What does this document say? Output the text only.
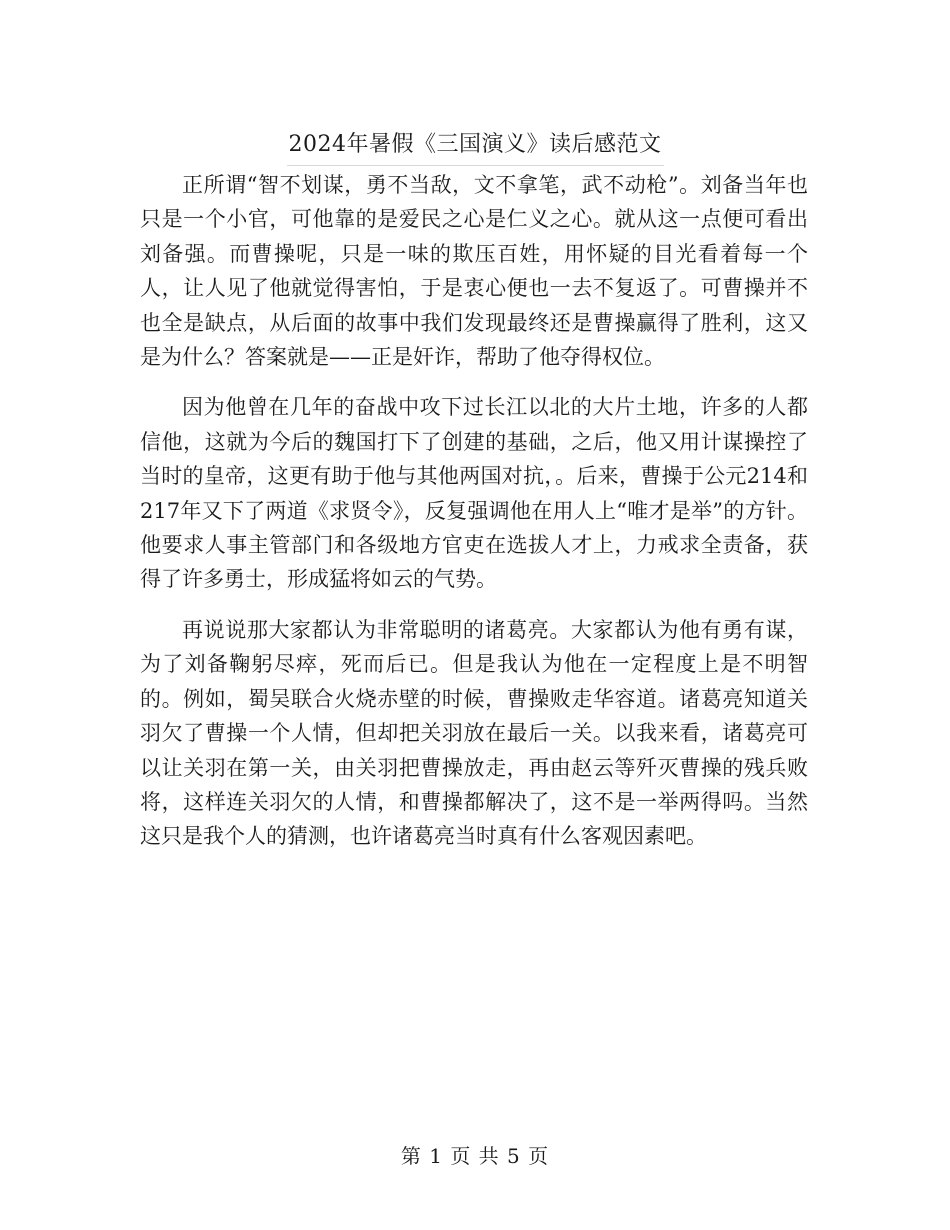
2024年暑假《三国演义》读后感范文

正所谓“智不划谋，勇不当敌，文不拿笔，武不动枪”。刘备当年也只是一个小官，可他靠的是爱民之心是仁义之心。就从这一点便可看出刘备强。而曹操呢，只是一味的欺压百姓，用怀疑的目光看着每一个人，让人见了他就觉得害怕，于是衷心便也一去不复返了。可曹操并不也全是缺点，从后面的故事中我们发现最终还是曹操赢得了胜利，这又是为什么？答案就是——正是奸诈，帮助了他夺得权位。

因为他曾在几年的奋战中攻下过长江以北的大片土地，许多的人都信他，这就为今后的魏国打下了创建的基础，之后，他又用计谋操控了当时的皇帝，这更有助于他与其他两国对抗，。后来，曹操于公元214和217年又下了两道《求贤令》，反复强调他在用人上“唯才是举”的方针。他要求人事主管部门和各级地方官吏在选拔人才上，力戒求全责备，获得了许多勇士，形成猛将如云的气势。

再说说那大家都认为非常聪明的诸葛亮。大家都认为他有勇有谋，为了刘备鞠躬尽瘁，死而后已。但是我认为他在一定程度上是不明智的。例如，蜀吴联合火烧赤壁的时候，曹操败走华容道。诸葛亮知道关羽欠了曹操一个人情，但却把关羽放在最后一关。以我来看，诸葛亮可以让关羽在第一关，由关羽把曹操放走，再由赵云等歼灭曹操的残兵败将，这样连关羽欠的人情，和曹操都解决了，这不是一举两得吗。当然这只是我个人的猜测，也许诸葛亮当时真有什么客观因素吧。

第 1 页 共 5 页
